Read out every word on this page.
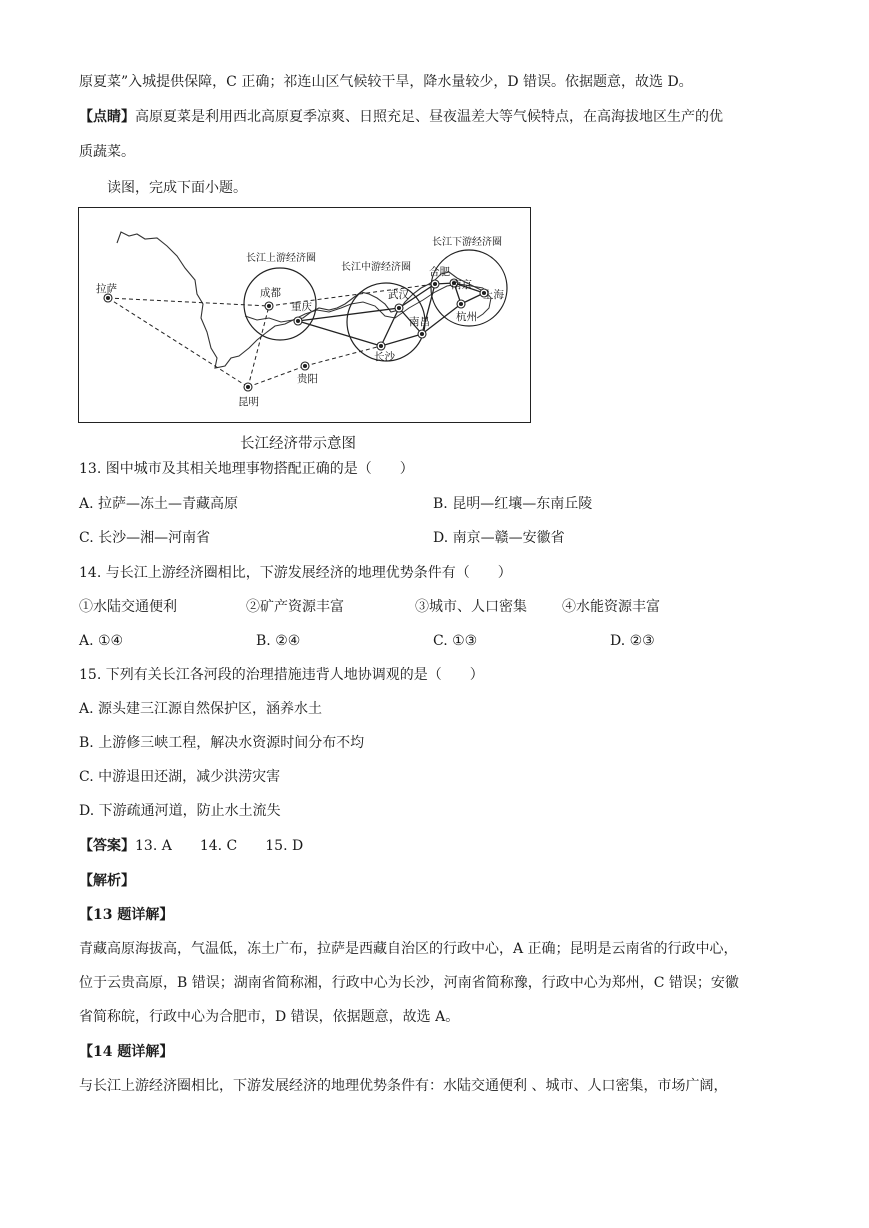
原夏菜”入城提供保障，C 正确；祁连山区气候较干旱，降水量较少，D 错误。依据题意，故选 D。
【点睛】高原夏菜是利用西北高原夏季凉爽、日照充足、昼夜温差大等气候特点，在高海拔地区生产的优
质蔬菜。
读图，完成下面小题。
长江上游经济圈
长江中游经济圈
长江下游经济圈
拉萨	成都
重庆
昆明
贵阳
武汉
南昌
长沙
合肥
南京
上海
杭州
长江经济带示意图
13. 图中城市及其相关地理事物搭配正确的是（　　）
A. 拉萨—冻土—青藏高原	B. 昆明—红壤—东南丘陵
C. 长沙—湘—河南省	D. 南京—赣—安徽省
14. 与长江上游经济圈相比，下游发展经济的地理优势条件有（　　）
①水陆交通便利	②矿产资源丰富	③城市、人口密集	④水能资源丰富
A. ①④	B. ②④	C. ①③	D. ②③
15. 下列有关长江各河段的治理措施违背人地协调观的是（　　）
A. 源头建三江源自然保护区，涵养水土
B. 上游修三峡工程，解决水资源时间分布不均
C. 中游退田还湖，减少洪涝灾害
D. 下游疏通河道，防止水土流失
【答案】13. A　　14. C　　15. D
【解析】
【13 题详解】
青藏高原海拔高，气温低，冻土广布，拉萨是西藏自治区的行政中心，A 正确；昆明是云南省的行政中心，
位于云贵高原，B 错误；湖南省简称湘，行政中心为长沙，河南省简称豫，行政中心为郑州，C 错误；安徽
省简称皖，行政中心为合肥市，D 错误，依据题意，故选 A。
【14 题详解】
与长江上游经济圈相比，下游发展经济的地理优势条件有：水陆交通便利 、城市、人口密集，市场广阔，
